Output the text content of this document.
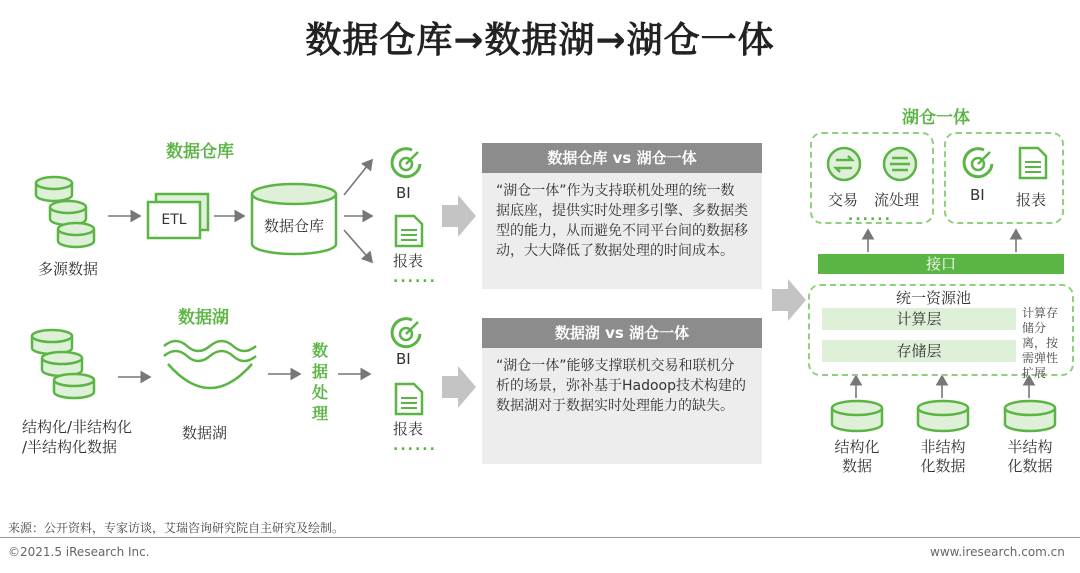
数据仓库→数据湖→湖仓一体
数据仓库
多源数据
ETL	数据仓库
BI
报表
......
数据湖
结构化/非结构化
/半结构化数据
数据湖
数据处理
BI
报表
......
数据仓库 vs 湖仓一体
“湖仓一体”作为支持联机处理的统一数据底座，提供实时处理多引擎、多数据类型的能力，从而避免不同平台间的数据移动，大大降低了数据处理的时间成本。
数据湖 vs 湖仓一体
“湖仓一体”能够支撑联机交易和联机分析的场景，弥补基于Hadoop技术构建的数据湖对于数据实时处理能力的缺失。
湖仓一体
交易 流处理	BI 报表
......
接口
统一资源池
计算层
存储层
计算存储分离，按需弹性扩展
结构化数据
非结构化数据
半结构化数据
来源：公开资料，专家访谈，艾瑞咨询研究院自主研究及绘制。
©2021.5 iResearch Inc.	www.iresearch.com.cn
